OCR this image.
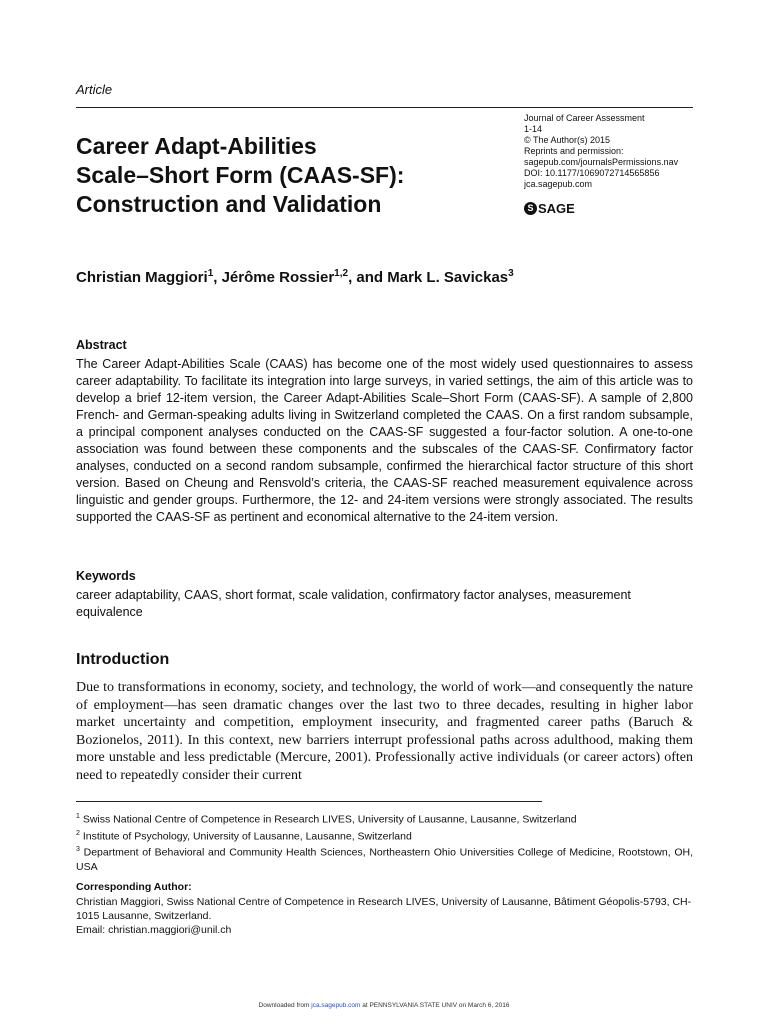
Article
Career Adapt-Abilities
Scale–Short Form (CAAS-SF):
Construction and Validation
Journal of Career Assessment
1-14
© The Author(s) 2015
Reprints and permission:
sagepub.com/journalsPermissions.nav
DOI: 10.1177/1069072714565856
jca.sagepub.com
S SAGE
Christian Maggiori$^1$, Jérôme Rossier$^{1,2}$, and Mark L. Savickas$^3$
Abstract
The Career Adapt-Abilities Scale (CAAS) has become one of the most widely used questionnaires to assess career adaptability. To facilitate its integration into large surveys, in varied settings, the aim of this article was to develop a brief 12-item version, the Career Adapt-Abilities Scale–Short Form (CAAS-SF). A sample of 2,800 French- and German-speaking adults living in Switzerland completed the CAAS. On a first random subsample, a principal component analyses conducted on the CAAS-SF suggested a four-factor solution. A one-to-one association was found between these components and the subscales of the CAAS-SF. Confirmatory factor analyses, conducted on a second random subsample, confirmed the hierarchical factor structure of this short version. Based on Cheung and Rensvold’s criteria, the CAAS-SF reached measurement equivalence across linguistic and gender groups. Furthermore, the 12- and 24-item versions were strongly associated. The results supported the CAAS-SF as pertinent and economical alternative to the 24-item version.
Keywords
career adaptability, CAAS, short format, scale validation, confirmatory factor analyses, measurement equivalence
Introduction
Due to transformations in economy, society, and technology, the world of work—and consequently the nature of employment—has seen dramatic changes over the last two to three decades, resulting in higher labor market uncertainty and competition, employment insecurity, and fragmented career paths (Baruch & Bozionelos, 2011). In this context, new barriers interrupt professional paths across adulthood, making them more unstable and less predictable (Mercure, 2001). Professionally active individuals (or career actors) often need to repeatedly consider their current
$^1$ Swiss National Centre of Competence in Research LIVES, University of Lausanne, Lausanne, Switzerland
$^2$ Institute of Psychology, University of Lausanne, Lausanne, Switzerland
$^3$ Department of Behavioral and Community Health Sciences, Northeastern Ohio Universities College of Medicine, Rootstown, OH, USA
Corresponding Author:
Christian Maggiori, Swiss National Centre of Competence in Research LIVES, University of Lausanne, Bâtiment Géopolis-5793, CH-1015 Lausanne, Switzerland.
Email: christian.maggiori@unil.ch
Downloaded from jca.sagepub.com at PENNSYLVANIA STATE UNIV on March 6, 2016
